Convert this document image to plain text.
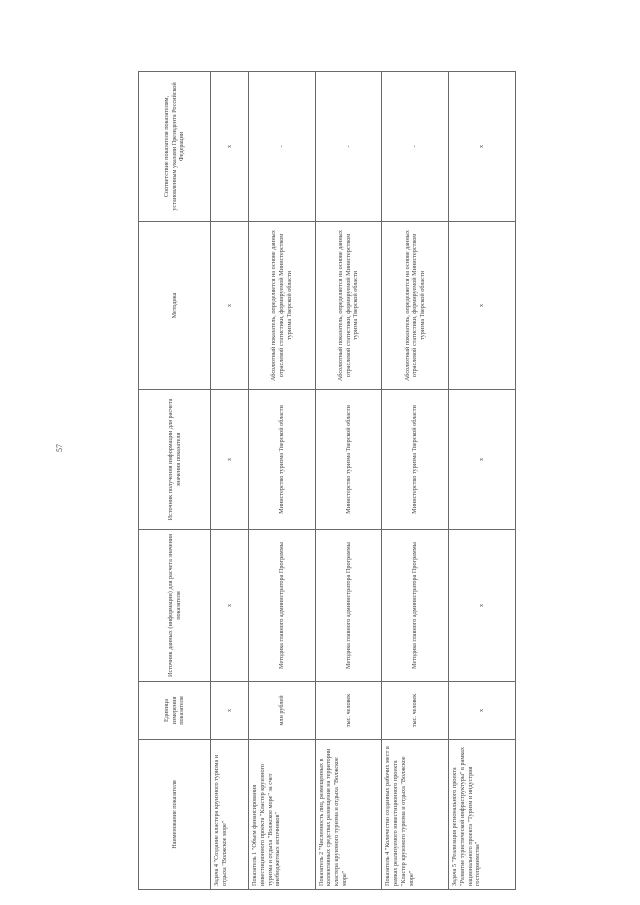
57
Наименование показателя	Единица измерения показателя	Источник данных (информации) для расчета значения показателя	Источник получения информации для расчета значения показателя	Методика	Соответствие показателя показателям, установленным указами Президента Российской Федерации
Задача 4 "Создание кластера круизного туризма и отдыха "Волжское море"	x	x	x	x	x
Показатель 1 "Объем финансирования инвестиционного проекта "Кластер круизного туризма и отдыха "Волжское море" за счет внебюджетных источников"	млн рублей	Методика главного администратора Программы	Министерство туризма Тверской области	Абсолютный показатель, определяется на основе данных отраслевой статистики, формируемой Министерством туризма Тверской области	-
Показатель 2 "Численность лиц, размещенных в коллективных средствах размещения на территории кластера круизного туризма и отдыха "Волжское море"	тыс. человек	Методика главного администратора Программы	Министерство туризма Тверской области	Абсолютный показатель, определяется на основе данных отраслевой статистики, формируемой Министерством туризма Тверской области	-
Показатель 4 "Количество созданных рабочих мест в рамках реализуемого инвестиционного проекта "Кластер круизного туризма и отдыха "Волжское море"	тыс. человек	Методика главного администратора Программы	Министерство туризма Тверской области	Абсолютный показатель, определяется на основе данных отраслевой статистики, формируемой Министерством туризма Тверской области	-
Задача 5 "Реализация регионального проекта "Развитие туристической инфраструктуры" в рамках национального проекта "Туризм и индустрия гостеприимства"	x	x	x	x	x
